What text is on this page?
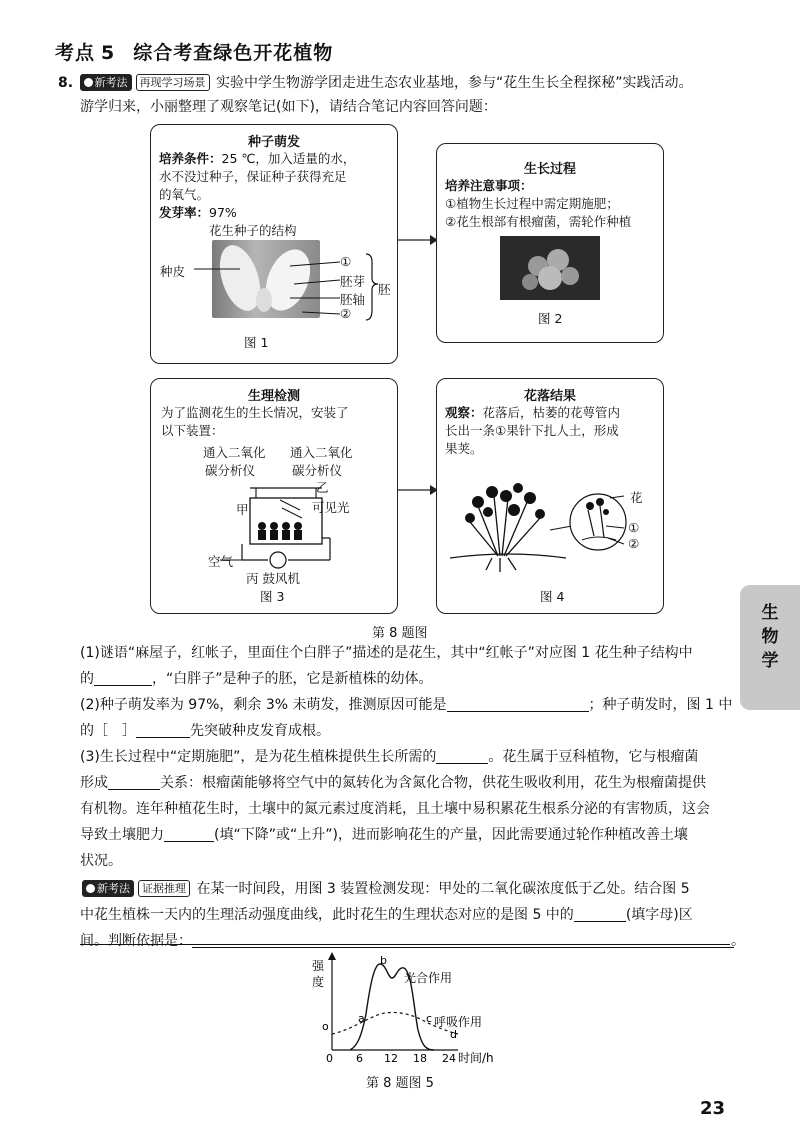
考点 5 综合考查绿色开花植物
8. 新考法 再现学习场景 实验中学生物游学团走进生态农业基地，参与“花生生长全程探秘”实践活动。
游学归来，小丽整理了观察笔记(如下)，请结合笔记内容回答问题：
种子萌发
培养条件：25 ℃，加入适量的水，
水不没过种子，保证种子获得充足
的氧气。
发芽率：97%
花生种子的结构
种皮
①
胚芽
胚轴
②
胚
图 1
生长过程
培养注意事项：
①植物生长过程中需定期施肥；
②花生根部有根瘤菌，需轮作种植
图 2
生理检测
为了监测花生的生长情况，安装了
以下装置：
通入二氧化
碳分析仪
通入二氧化
碳分析仪
甲
乙
可见光
空气
丙 鼓风机
图 3
花落结果
观察：花落后，枯萎的花萼管内
长出一条①果针下扎人土，形成
果荚。
花
①
②
图 4
第 8 题图
(1)谜语“麻屋子，红帐子，里面住个白胖子”描述的是花生，其中“红帐子”对应图 1 花生种子结构中
的	，“白胖子”是种子的胚，它是新植株的幼体。
(2)种子萌发率为 97%，剩余 3% 未萌发，推测原因可能是	；种子萌发时，图 1 中
的［　］	先突破种皮发育成根。
(3)生长过程中“定期施肥”，是为花生植株提供生长所需的	。花生属于豆科植物，它与根瘤菌
形成	关系：根瘤菌能够将空气中的氮转化为含氮化合物，供花生吸收利用，花生为根瘤菌提供
有机物。连年种植花生时，土壤中的氮元素过度消耗，且土壤中易积累花生根系分泌的有害物质，这会
导致土壤肥力	(填“下降”或“上升”)，进而影响花生的产量，因此需要通过轮作种植改善土壤
状况。
新考法 证据推理 在某一时间段，用图 3 装置检测发现：甲处的二氧化碳浓度低于乙处。结合图 5
中花生植株一天内的生理活动强度曲线，此时花生的生理状态对应的是图 5 中的	(填字母)区
间。判断依据是：	。
0 6 12 18 24
o
a
b
c
d
光合作用
呼吸作用
时间/h
强
度
第 8 题图 5
生
物
学
23
